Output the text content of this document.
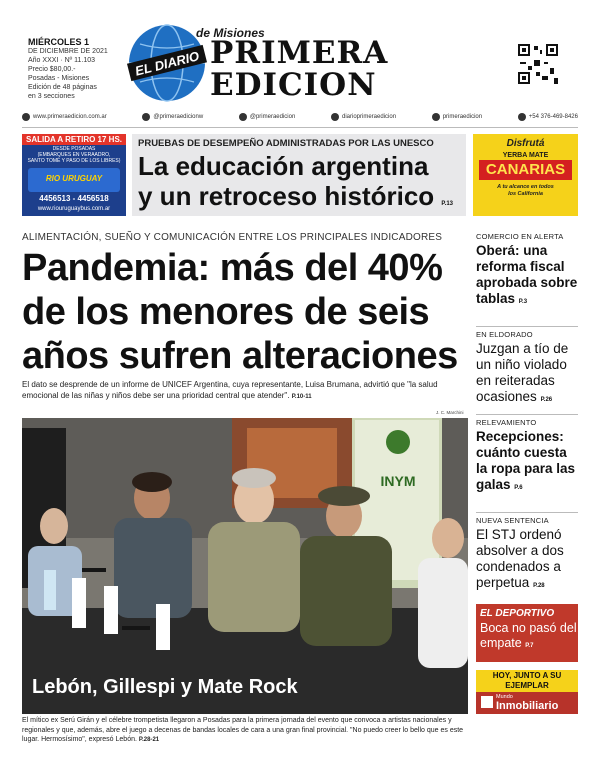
MIÉRCOLES 1
DE DICIEMBRE DE 2021
Año XXXI · Nº 11.103
Precio $80,00.-
Posadas - Misiones
Edición de 48 páginas
en 3 secciones
EL DIARIO
de Misiones
PRIMERA
EDICION
www.primeraedicion.com.ar	@primeraedicionw	@primeraedicion	diarioprimeraedicion	primeraedicion	+54 376-469-8426
SALIDA A RETIRO 17 HS.
DESDE POSADAS
(EMBARQUES EN VERAADRO,
SANTO TOMÉ Y PASO DE LOS LIBRES)
RIO URUGUAY
4456513 - 4456518
www.riouruguaybus.com.ar
PRUEBAS DE DESEMPEÑO ADMINISTRADAS POR LAS UNESCO
La educación argentina
y un retroceso histórico P.13
Disfrutá
YERBA MATE
CANARIAS
A tu alcance en todos
los California
ALIMENTACIÓN, SUEÑO Y COMUNICACIÓN ENTRE LOS PRINCIPALES INDICADORES
Pandemia: más del 40%
de los menores de seis
años sufren alteraciones
El dato se desprende de un informe de UNICEF Argentina, cuya representante, Luisa Brumana, advirtió que "la salud emocional de las niñas y niños debe ser una prioridad central que atender". P.10-11
J. C. Marchini
INYM
Lebón, Gillespi y Mate Rock
El mítico ex Serú Girán y el célebre trompetista llegaron a Posadas para la primera jornada del evento que convoca a artistas nacionales y regionales y que, además, abre el juego a decenas de bandas locales de cara a una gran final provincial. "No puedo creer lo bello que es este lugar. Hermosísimo", expresó Lebón. P.28-21
COMERCIO EN ALERTA
Oberá: una reforma fiscal aprobada sobre tablas P.3
EN ELDORADO
Juzgan a tío de un niño violado en reiteradas ocasiones P.26
RELEVAMIENTO
Recepciones: cuánto cuesta la ropa para las galas P.6
NUEVA SENTENCIA
El STJ ordenó absolver a dos condenados a perpetua P.28
EL DEPORTIVO
Boca no pasó del empate P.7
HOY, JUNTO A SU
EJEMPLAR
Mundo
Inmobiliario
